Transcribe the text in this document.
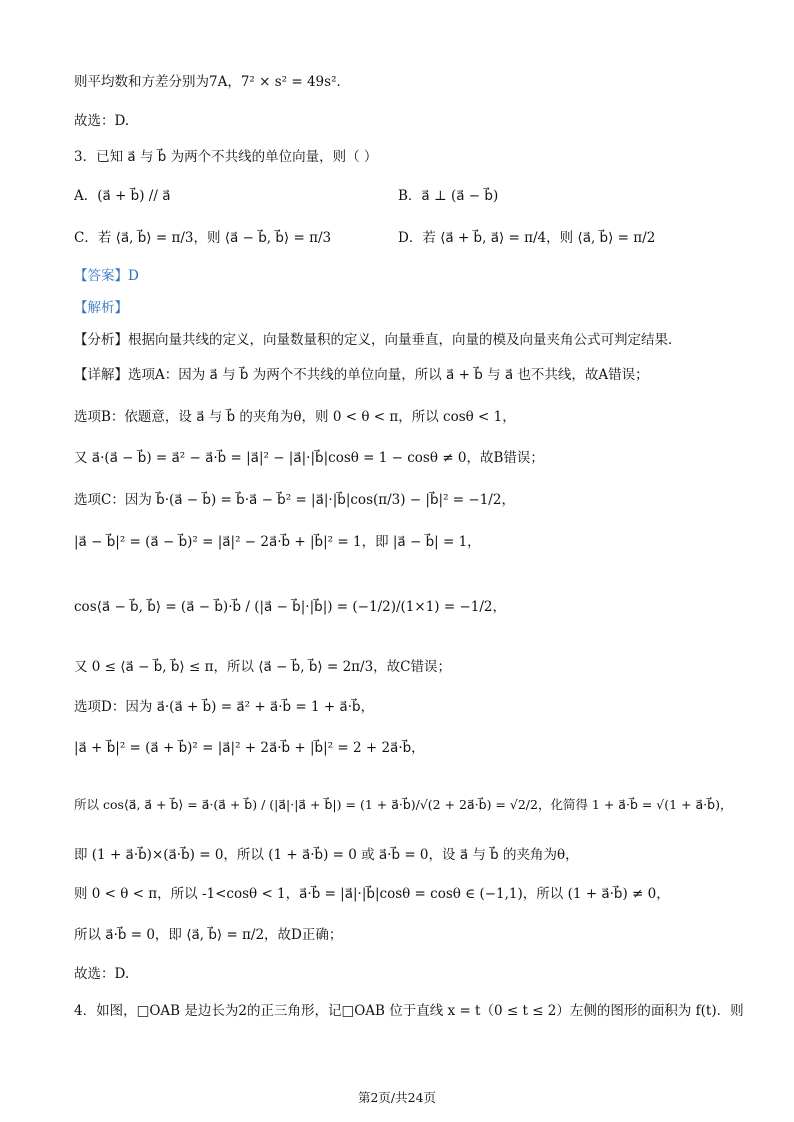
则平均数和方差分别为7A，7² × s² = 49s²．
故选：D.
3．已知 a⃗ 与 b⃗ 为两个不共线的单位向量，则（ ）
A．(a⃗ + b⃗) // a⃗	B．a⃗ ⊥ (a⃗ − b⃗)
C．若 ⟨a⃗, b⃗⟩ = π/3，则 ⟨a⃗ − b⃗, b⃗⟩ = π/3	D．若 ⟨a⃗ + b⃗, a⃗⟩ = π/4，则 ⟨a⃗, b⃗⟩ = π/2
【答案】D
【解析】
【分析】根据向量共线的定义，向量数量积的定义，向量垂直，向量的模及向量夹角公式可判定结果．
【详解】选项A：因为 a⃗ 与 b⃗ 为两个不共线的单位向量，所以 a⃗ + b⃗ 与 a⃗ 也不共线，故A错误；
选项B：依题意，设 a⃗ 与 b⃗ 的夹角为θ，则 0 < θ < π，所以 cosθ < 1，
又 a⃗·(a⃗ − b⃗) = a⃗² − a⃗·b⃗ = |a⃗|² − |a⃗|·|b⃗|cosθ = 1 − cosθ ≠ 0，故B错误；
选项C：因为 b⃗·(a⃗ − b⃗) = b⃗·a⃗ − b⃗² = |a⃗|·|b⃗|cos(π/3) − |b⃗|² = −1/2，
|a⃗ − b⃗|² = (a⃗ − b⃗)² = |a⃗|² − 2a⃗·b⃗ + |b⃗|² = 1，即 |a⃗ − b⃗| = 1，
cos⟨a⃗ − b⃗, b⃗⟩ = (a⃗ − b⃗)·b⃗ / (|a⃗ − b⃗|·|b⃗|) = (−1/2)/(1×1) = −1/2，
又 0 ≤ ⟨a⃗ − b⃗, b⃗⟩ ≤ π，所以 ⟨a⃗ − b⃗, b⃗⟩ = 2π/3，故C错误；
选项D：因为 a⃗·(a⃗ + b⃗) = a⃗² + a⃗·b⃗ = 1 + a⃗·b⃗，
|a⃗ + b⃗|² = (a⃗ + b⃗)² = |a⃗|² + 2a⃗·b⃗ + |b⃗|² = 2 + 2a⃗·b⃗，
所以 cos⟨a⃗, a⃗ + b⃗⟩ = a⃗·(a⃗ + b⃗) / (|a⃗|·|a⃗ + b⃗|) = (1 + a⃗·b⃗)/√(2 + 2a⃗·b⃗) = √2/2，化简得 1 + a⃗·b⃗ = √(1 + a⃗·b⃗)，
即 (1 + a⃗·b⃗)×(a⃗·b⃗) = 0，所以 (1 + a⃗·b⃗) = 0 或 a⃗·b⃗ = 0，设 a⃗ 与 b⃗ 的夹角为θ，
则 0 < θ < π，所以 -1<cosθ < 1，a⃗·b⃗ = |a⃗|·|b⃗|cosθ = cosθ ∈ (−1,1)，所以 (1 + a⃗·b⃗) ≠ 0，
所以 a⃗·b⃗ = 0，即 ⟨a⃗, b⃗⟩ = π/2，故D正确；
故选：D.
4．如图，□OAB 是边长为2的正三角形，记□OAB 位于直线 x = t（0 ≤ t ≤ 2）左侧的图形的面积为 f(t)．则
第2页/共24页
